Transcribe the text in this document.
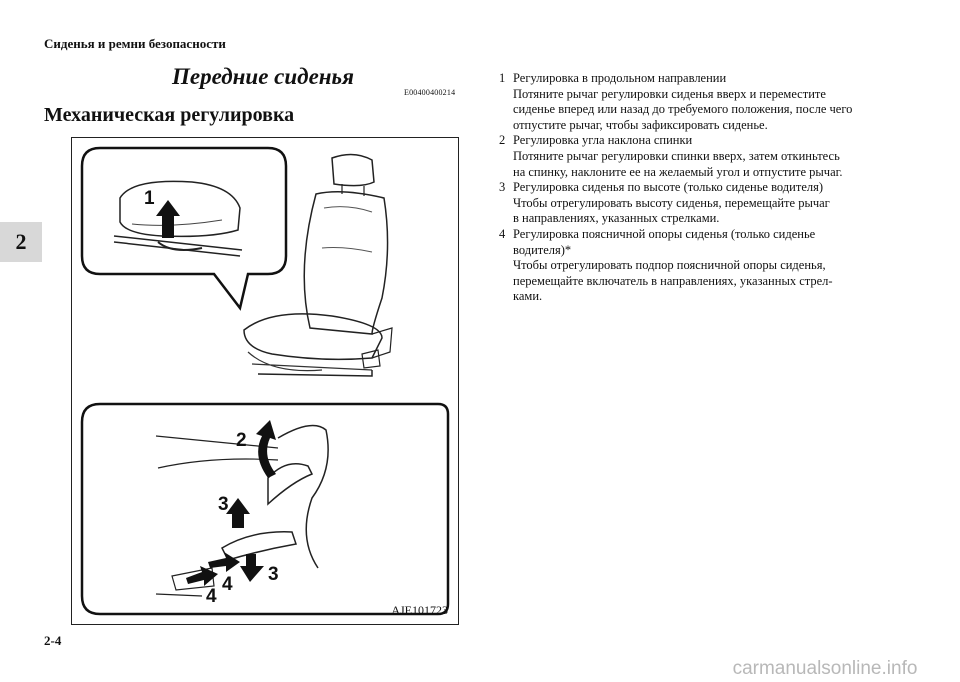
Сиденья и ремни безопасности
2
Передние сиденья
E00400400214
Механическая регулировка
1
2
3
3
4
4
AJE101723
1 Регулировка в продольном направлении
Потяните рычаг регулировки сиденья вверх и переместите
сиденье вперед или назад до требуемого положения, после чего
отпустите рычаг, чтобы зафиксировать сиденье.
2 Регулировка угла наклона спинки
Потяните рычаг регулировки спинки вверх, затем откиньтесь
на спинку, наклоните ее на желаемый угол и отпустите рычаг.
3 Регулировка сиденья по высоте (только сиденье водителя)
Чтобы отрегулировать высоту сиденья, перемещайте рычаг
в направлениях, указанных стрелками.
4 Регулировка поясничной опоры сиденья (только сиденье
водителя)*
Чтобы отрегулировать подпор поясничной опоры сиденья,
перемещайте включатель в направлениях, указанных стрел-
ками.
2-4
carmanualsonline.info
